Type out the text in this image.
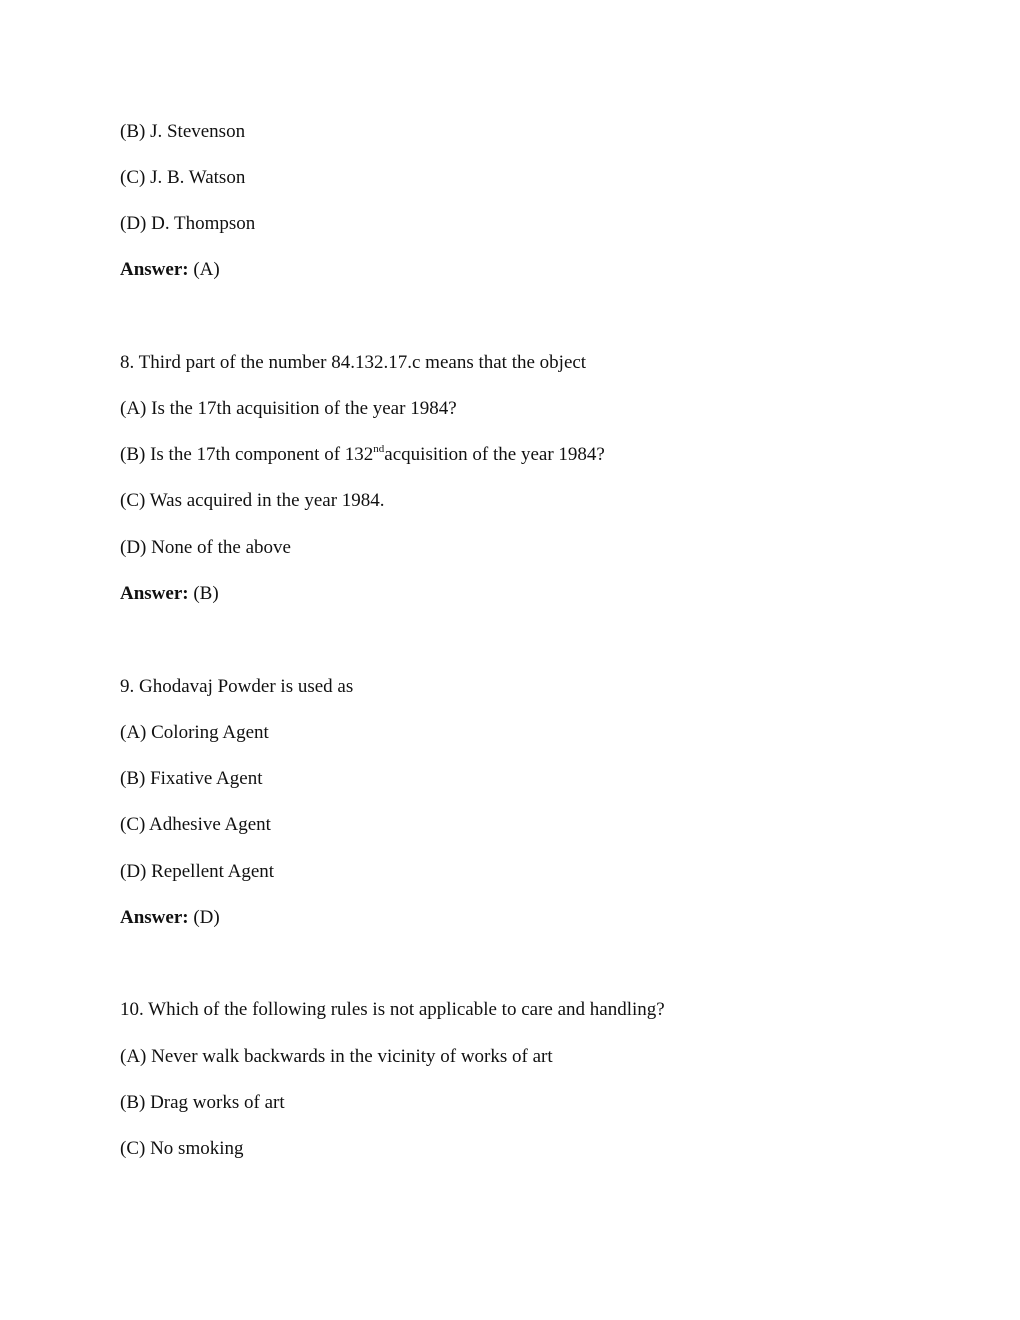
(B) J. Stevenson
(C) J. B. Watson
(D) D. Thompson
Answer: (A)
8. Third part of the number 84.132.17.c means that the object
(A) Is the 17th acquisition of the year 1984?
(B) Is the 17th component of 132ndacquisition of the year 1984?
(C) Was acquired in the year 1984.
(D) None of the above
Answer: (B)
9. Ghodavaj Powder is used as
(A) Coloring Agent
(B) Fixative Agent
(C) Adhesive Agent
(D) Repellent Agent
Answer: (D)
10. Which of the following rules is not applicable to care and handling?
(A) Never walk backwards in the vicinity of works of art
(B) Drag works of art
(C) No smoking
